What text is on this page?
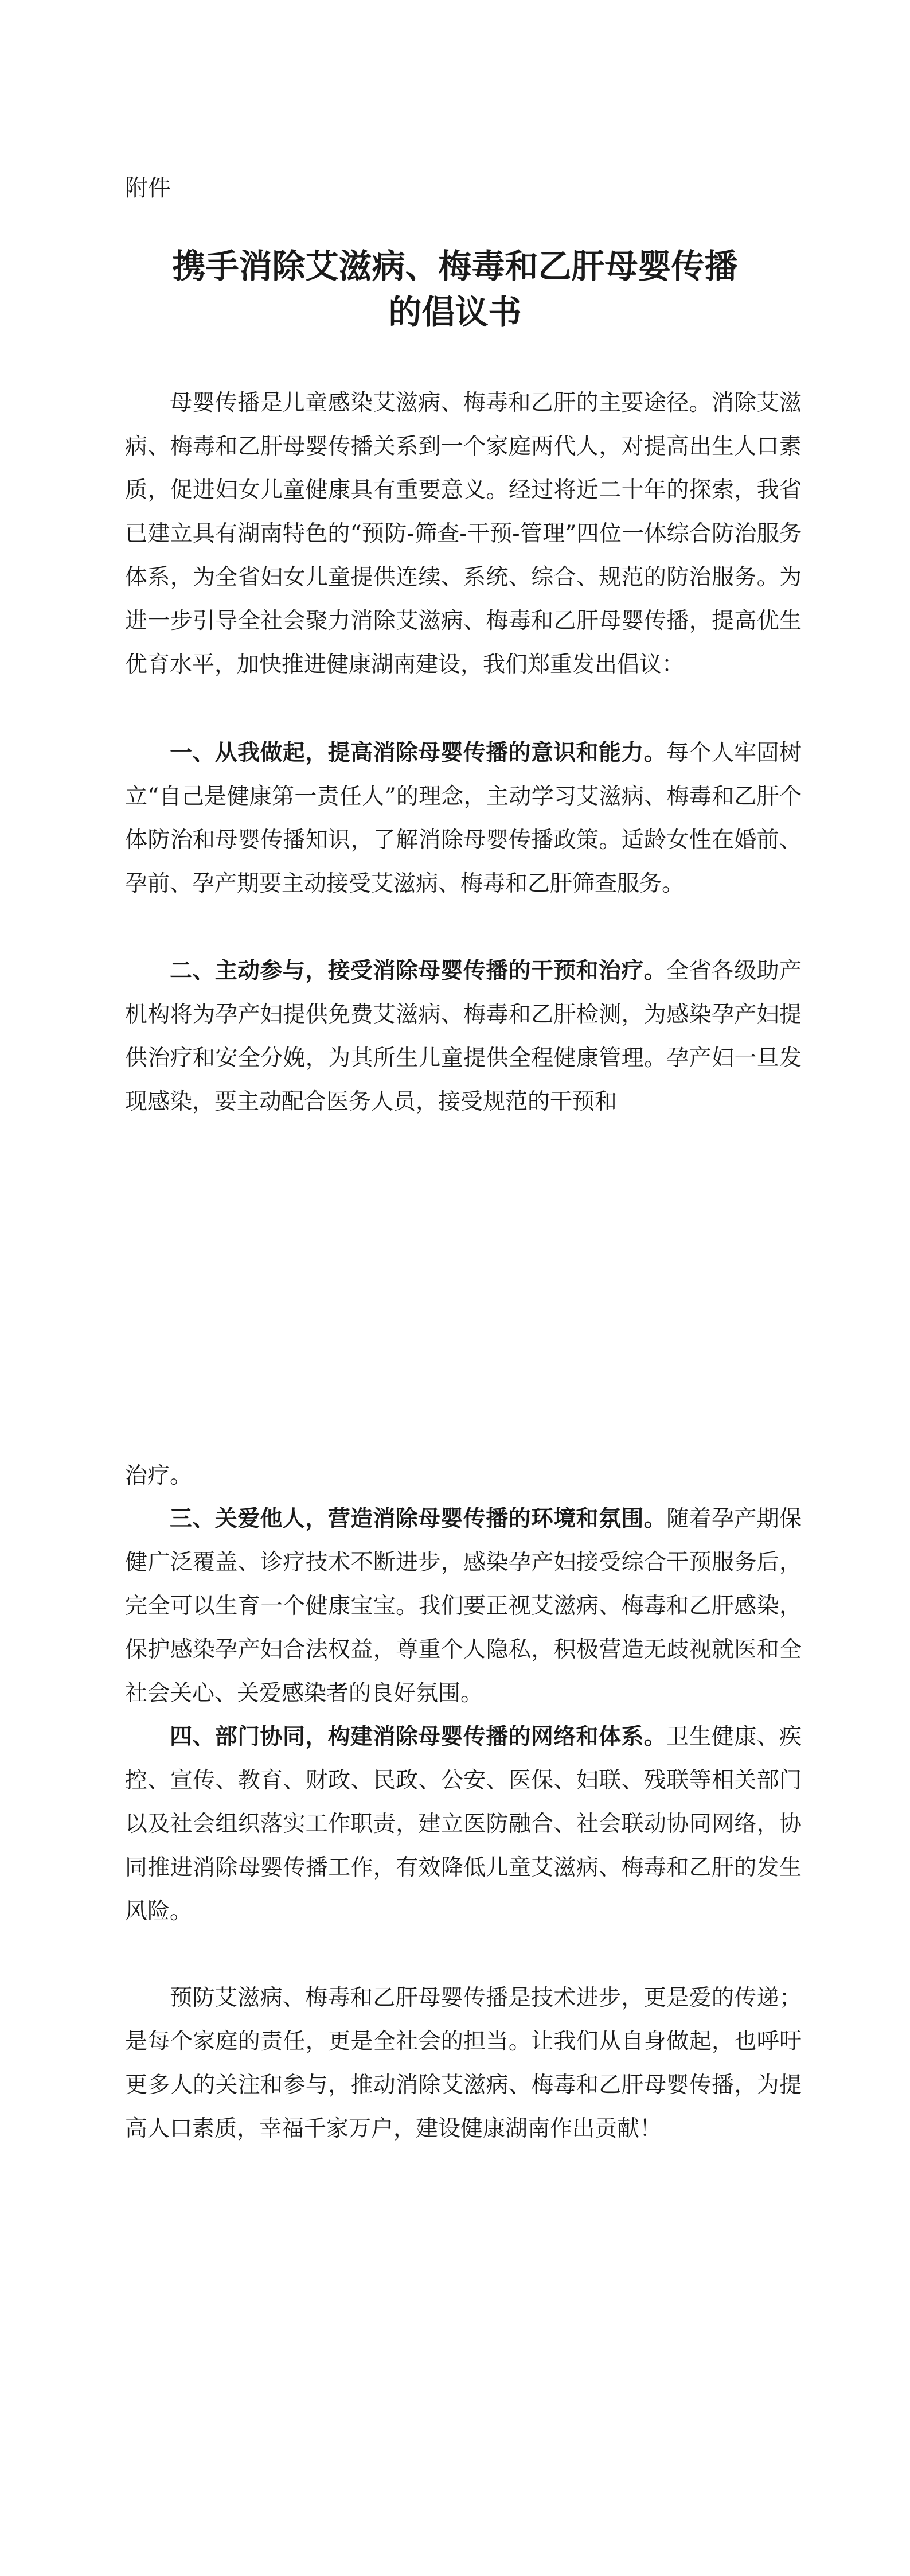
附件
携手消除艾滋病、梅毒和乙肝母婴传播
的倡议书

母婴传播是儿童感染艾滋病、梅毒和乙肝的主要途径。消除艾滋病、梅毒和乙肝母婴传播关系到一个家庭两代人，对提高出生人口素质，促进妇女儿童健康具有重要意义。经过将近二十年的探索，我省已建立具有湖南特色的“预防-筛查-干预-管理”四位一体综合防治服务体系，为全省妇女儿童提供连续、系统、综合、规范的防治服务。为进一步引导全社会聚力消除艾滋病、梅毒和乙肝母婴传播，提高优生优育水平，加快推进健康湖南建设，我们郑重发出倡议：

一、从我做起，提高消除母婴传播的意识和能力。每个人牢固树立“自己是健康第一责任人”的理念，主动学习艾滋病、梅毒和乙肝个体防治和母婴传播知识，了解消除母婴传播政策。适龄女性在婚前、孕前、孕产期要主动接受艾滋病、梅毒和乙肝筛查服务。

二、主动参与，接受消除母婴传播的干预和治疗。全省各级助产机构将为孕产妇提供免费艾滋病、梅毒和乙肝检测，为感染孕产妇提供治疗和安全分娩，为其所生儿童提供全程健康管理。孕产妇一旦发现感染，要主动配合医务人员，接受规范的干预和

治疗。

三、关爱他人，营造消除母婴传播的环境和氛围。随着孕产期保健广泛覆盖、诊疗技术不断进步，感染孕产妇接受综合干预服务后，完全可以生育一个健康宝宝。我们要正视艾滋病、梅毒和乙肝感染，保护感染孕产妇合法权益，尊重个人隐私，积极营造无歧视就医和全社会关心、关爱感染者的良好氛围。

四、部门协同，构建消除母婴传播的网络和体系。卫生健康、疾控、宣传、教育、财政、民政、公安、医保、妇联、残联等相关部门以及社会组织落实工作职责，建立医防融合、社会联动协同网络，协同推进消除母婴传播工作，有效降低儿童艾滋病、梅毒和乙肝的发生风险。

预防艾滋病、梅毒和乙肝母婴传播是技术进步，更是爱的传递；是每个家庭的责任，更是全社会的担当。让我们从自身做起，也呼吁更多人的关注和参与，推动消除艾滋病、梅毒和乙肝母婴传播，为提高人口素质，幸福千家万户，建设健康湖南作出贡献！
